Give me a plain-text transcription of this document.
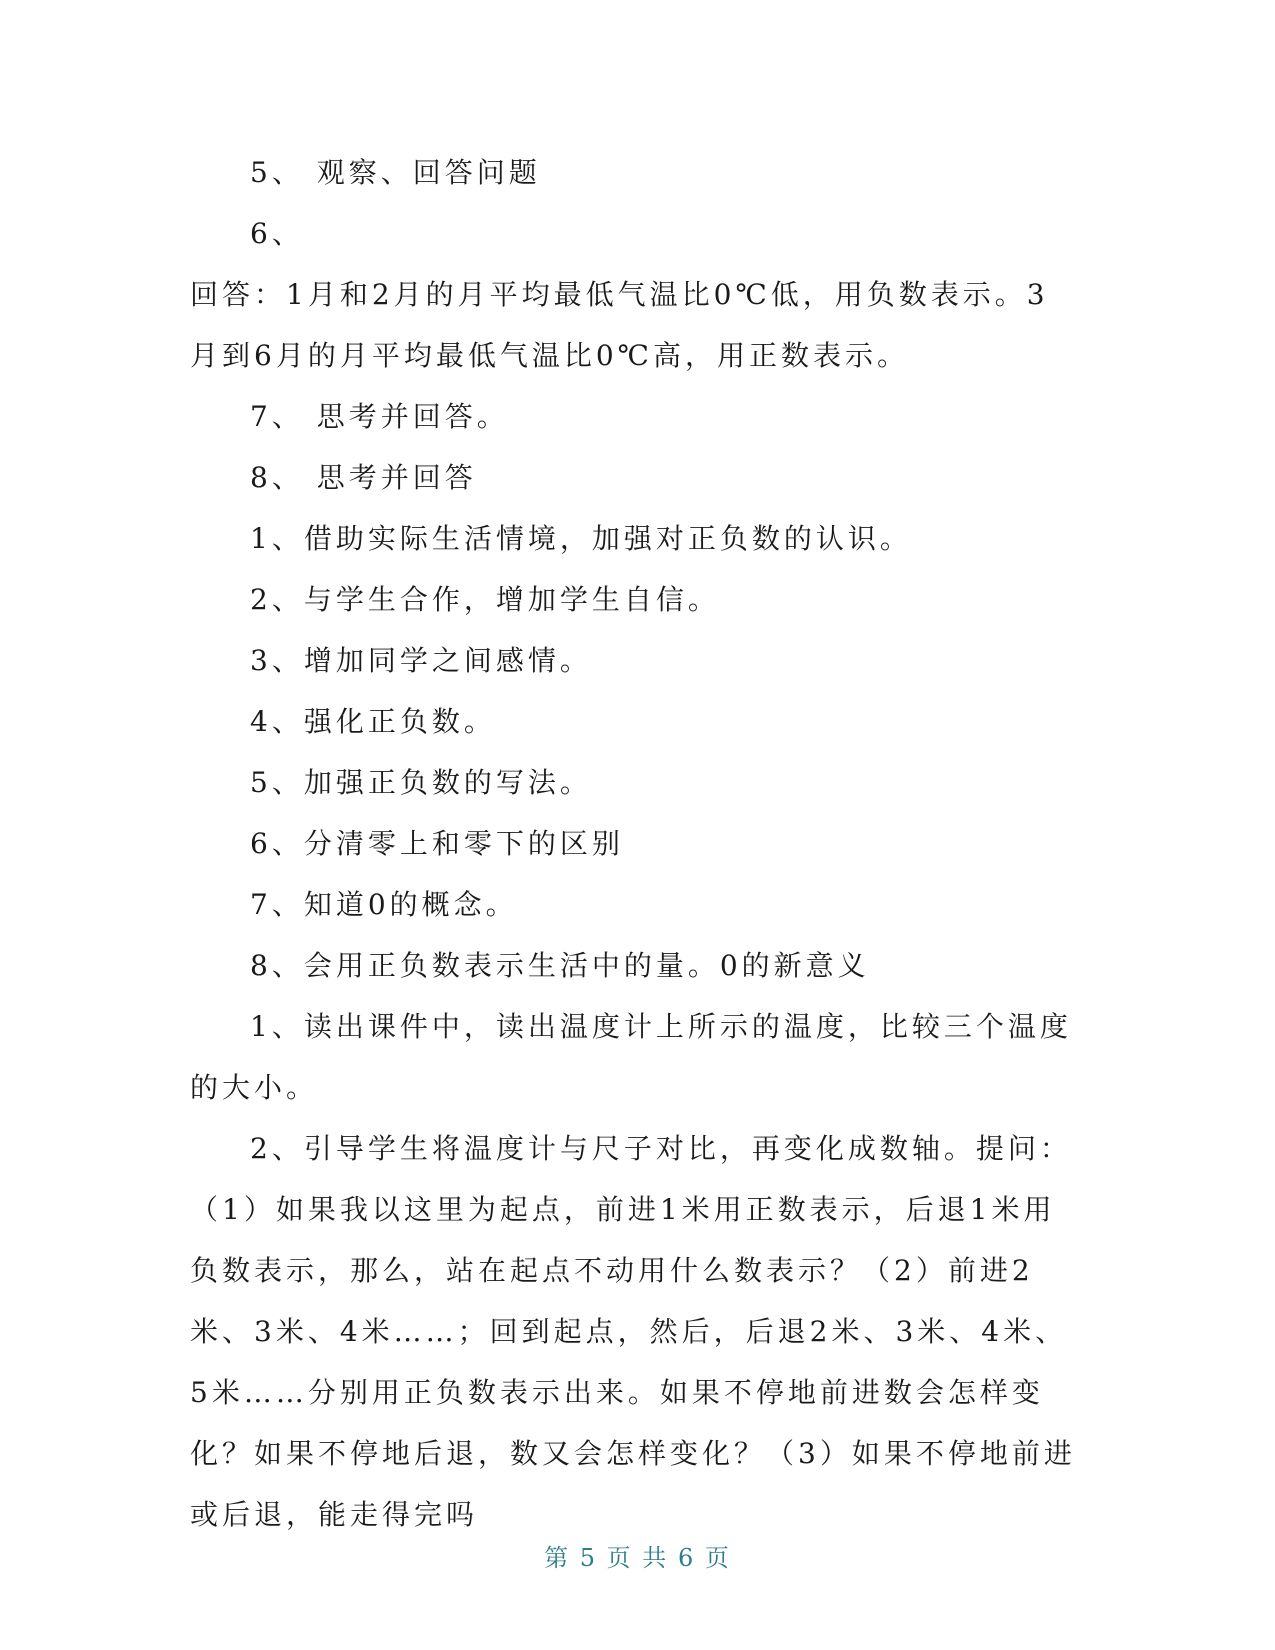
5、 观察、回答问题

6、

回答：1月和2月的月平均最低气温比0℃低，用负数表示。3月到6月的月平均最低气温比0℃高，用正数表示。

7、 思考并回答。

8、 思考并回答

1、借助实际生活情境，加强对正负数的认识。

2、与学生合作，增加学生自信。

3、增加同学之间感情。

4、强化正负数。

5、加强正负数的写法。

6、分清零上和零下的区别

7、知道0的概念。

8、会用正负数表示生活中的量。0的新意义

1、读出课件中，读出温度计上所示的温度，比较三个温度的大小。

2、引导学生将温度计与尺子对比，再变化成数轴。提问：（1）如果我以这里为起点，前进1米用正数表示，后退1米用负数表示，那么，站在起点不动用什么数表示？（2）前进2米、3米、4米……；回到起点，然后，后退2米、3米、4米、5米……分别用正负数表示出来。如果不停地前进数会怎样变化？如果不停地后退，数又会怎样变化？（3）如果不停地前进或后退，能走得完吗

第 5 页 共 6 页
